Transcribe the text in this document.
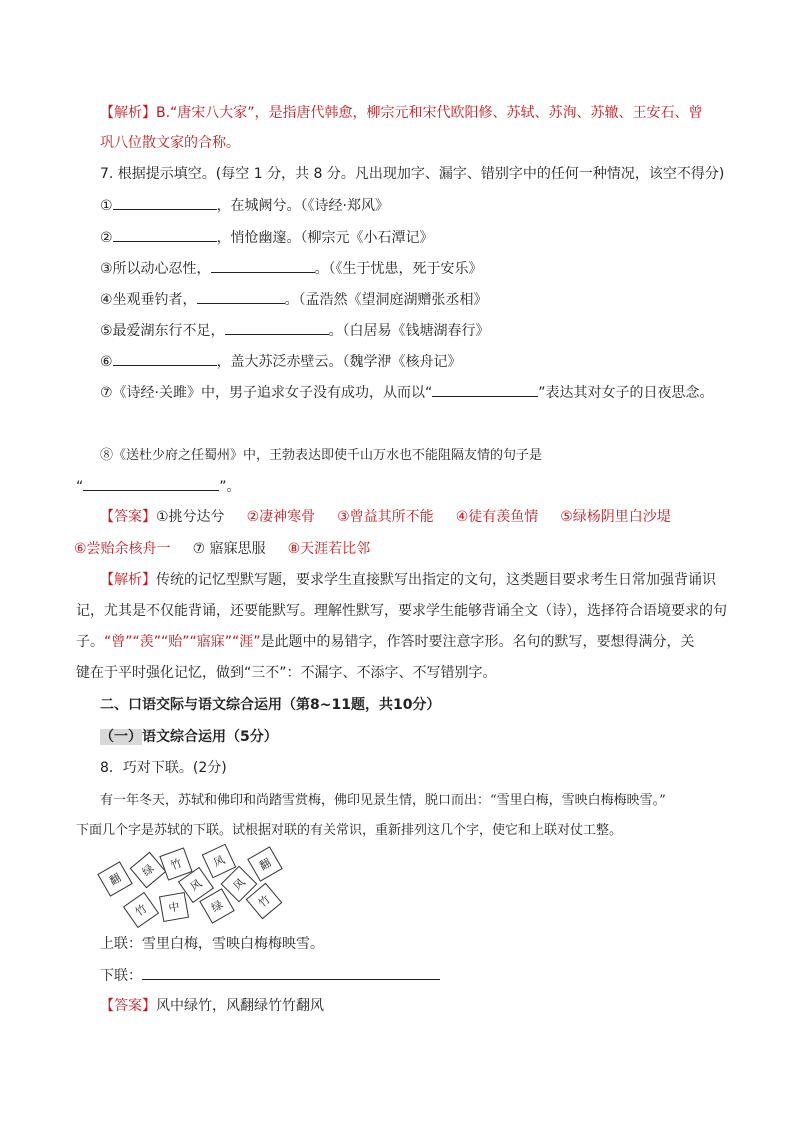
【解析】B.“唐宋八大家”，是指唐代韩愈，柳宗元和宋代欧阳修、苏轼、苏洵、苏辙、王安石、曾
巩八位散文家的合称。
7. 根据提示填空。(每空 1 分，共 8 分。凡出现加字、漏字、错别字中的任何一种情况，该空不得分)
①	，在城阙兮。（《诗经·郑风》
②	，悄怆幽邃。（柳宗元《小石潭记》
③所以动心忍性，	。（《生于忧患，死于安乐》
④坐观垂钓者，	。（孟浩然《望洞庭湖赠张丞相》
⑤最爱湖东行不足，	。（白居易《钱塘湖春行》
⑥	，盖大苏泛赤壁云。（魏学洢《核舟记》
⑦《诗经·关雎》中，男子追求女子没有成功，从而以“	”表达其对女子的日夜思念。
⑧《送杜少府之任蜀州》中，王勃表达即使千山万水也不能阻隔友情的句子是
“	”。
【答案】①挑兮达兮 ②凄神寒骨 ③曾益其所不能 ④徒有羡鱼情 ⑤绿杨阴里白沙堤
⑥尝贻余核舟一 ⑦ 寤寐思服 ⑧天涯若比邻
【解析】传统的记忆型默写题，要求学生直接默写出指定的文句，这类题目要求考生日常加强背诵识
记，尤其是不仅能背诵，还要能默写。理解性默写，要求学生能够背诵全文（诗），选择符合语境要求的句
子。“曾”“羡”“贻”“寤寐”“涯”是此题中的易错字，作答时要注意字形。名句的默写，要想得满分，关
键在于平时强化记忆，做到“三不”：不漏字、不添字、不写错别字。
二、口语交际与语文综合运用（第8~11题，共10分）
（一）语文综合运用（5分）
8．巧对下联。(2分)
有一年冬天，苏轼和佛印和尚踏雪赏梅，佛印见景生情，脱口而出：“雪里白梅，雪映白梅梅映雪。”
下面几个字是苏轼的下联。试根据对联的有关常识，重新排列这几个字，使它和上联对仗工整。
翻
绿	竹	风
风	风
翻
竹	中	绿	竹
上联：雪里白梅，雪映白梅梅映雪。
下联：
【答案】风中绿竹，风翻绿竹竹翻风
